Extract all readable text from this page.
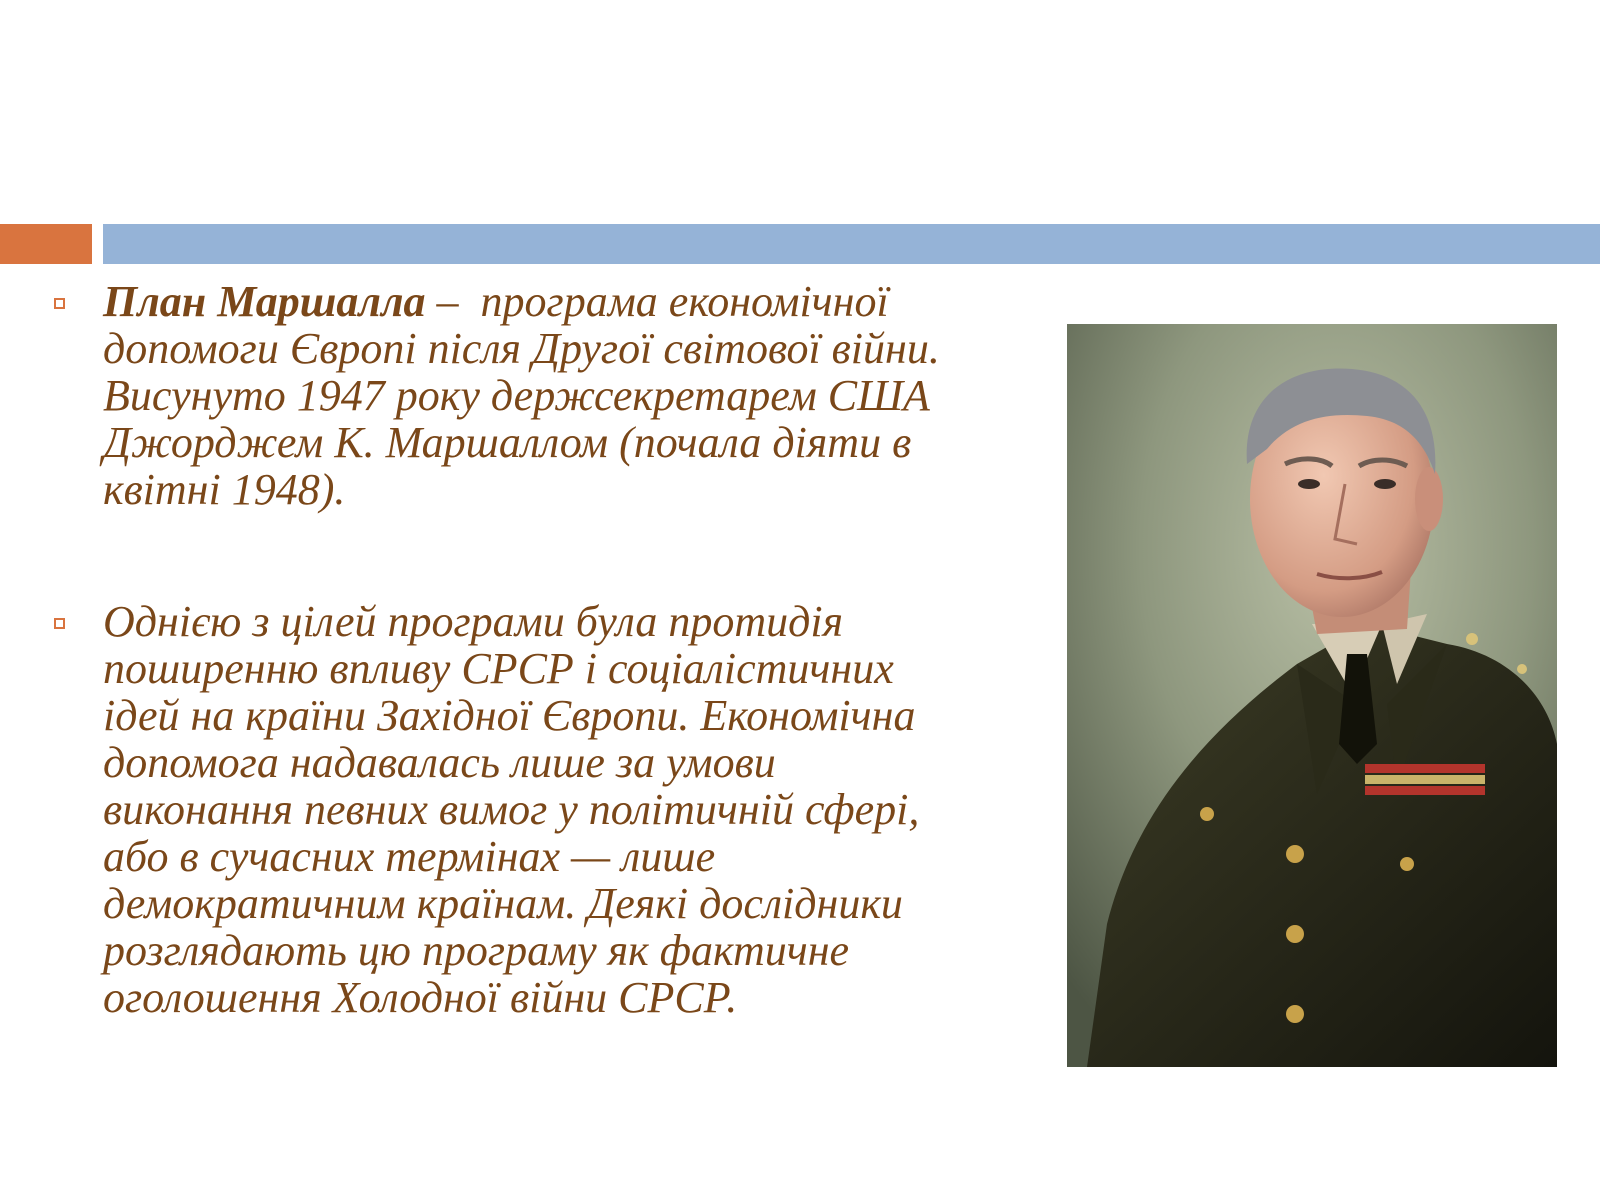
План Маршалла –  програма економічної допомоги Європі після Другої світової війни. Висунуто 1947 року держсекретарем США Джорджем К. Маршаллом (почала діяти в квітні 1948).
Однією з цілей програми була протидія поширенню впливу СРСР і соціалістичних ідей на країни Західної Європи. Економічна допомога надавалась лише за умови виконання певних вимог у політичній сфері, або в сучасних термінах — лише демократичним країнам. Деякі дослідники розглядають цю програму як фактичне оголошення Холодної війни СРСР.
